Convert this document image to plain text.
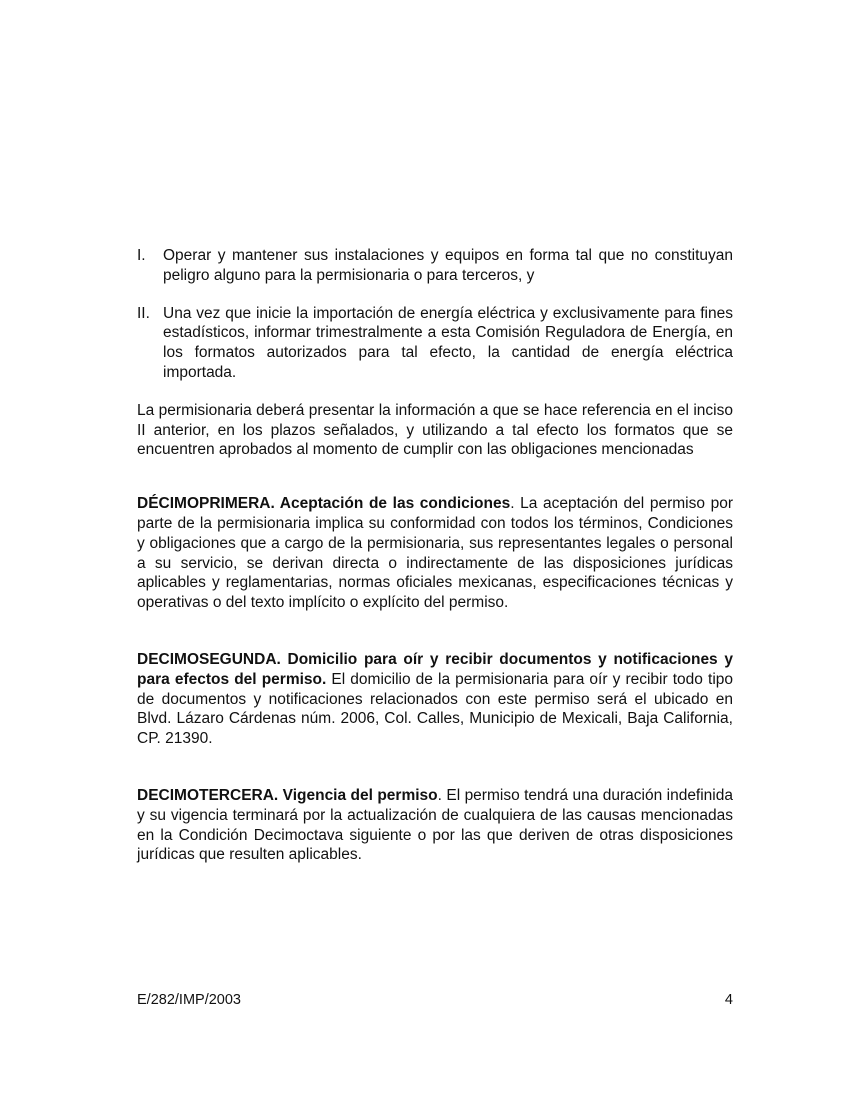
I.	Operar y mantener sus instalaciones y equipos en forma tal que no constituyan peligro alguno para la permisionaria o para terceros, y
II. Una vez que inicie la importación de energía eléctrica y exclusivamente para fines estadísticos, informar trimestralmente a esta Comisión Reguladora de Energía, en los formatos autorizados para tal efecto, la cantidad de energía eléctrica importada.

La permisionaria deberá presentar la información a que se hace referencia en el inciso II anterior, en los plazos señalados, y utilizando a tal efecto los formatos que se encuentren aprobados al momento de cumplir con las obligaciones mencionadas

DÉCIMOPRIMERA. Aceptación de las condiciones. La aceptación del permiso por parte de la permisionaria implica su conformidad con todos los términos, Condiciones y obligaciones que a cargo de la permisionaria, sus representantes legales o personal a su servicio, se derivan directa o indirectamente de las disposiciones jurídicas aplicables y reglamentarias, normas oficiales mexicanas, especificaciones técnicas y operativas o del texto implícito o explícito del permiso.

DECIMOSEGUNDA. Domicilio para oír y recibir documentos y notificaciones y para efectos del permiso. El domicilio de la permisionaria para oír y recibir todo tipo de documentos y notificaciones relacionados con este permiso será el ubicado en Blvd. Lázaro Cárdenas núm. 2006, Col. Calles, Municipio de Mexicali, Baja California, CP. 21390.

DECIMOTERCERA. Vigencia del permiso. El permiso tendrá una duración indefinida y su vigencia terminará por la actualización de cualquiera de las causas mencionadas en la Condición Decimoctava siguiente o por las que deriven de otras disposiciones jurídicas que resulten aplicables.

E/282/IMP/2003	4
